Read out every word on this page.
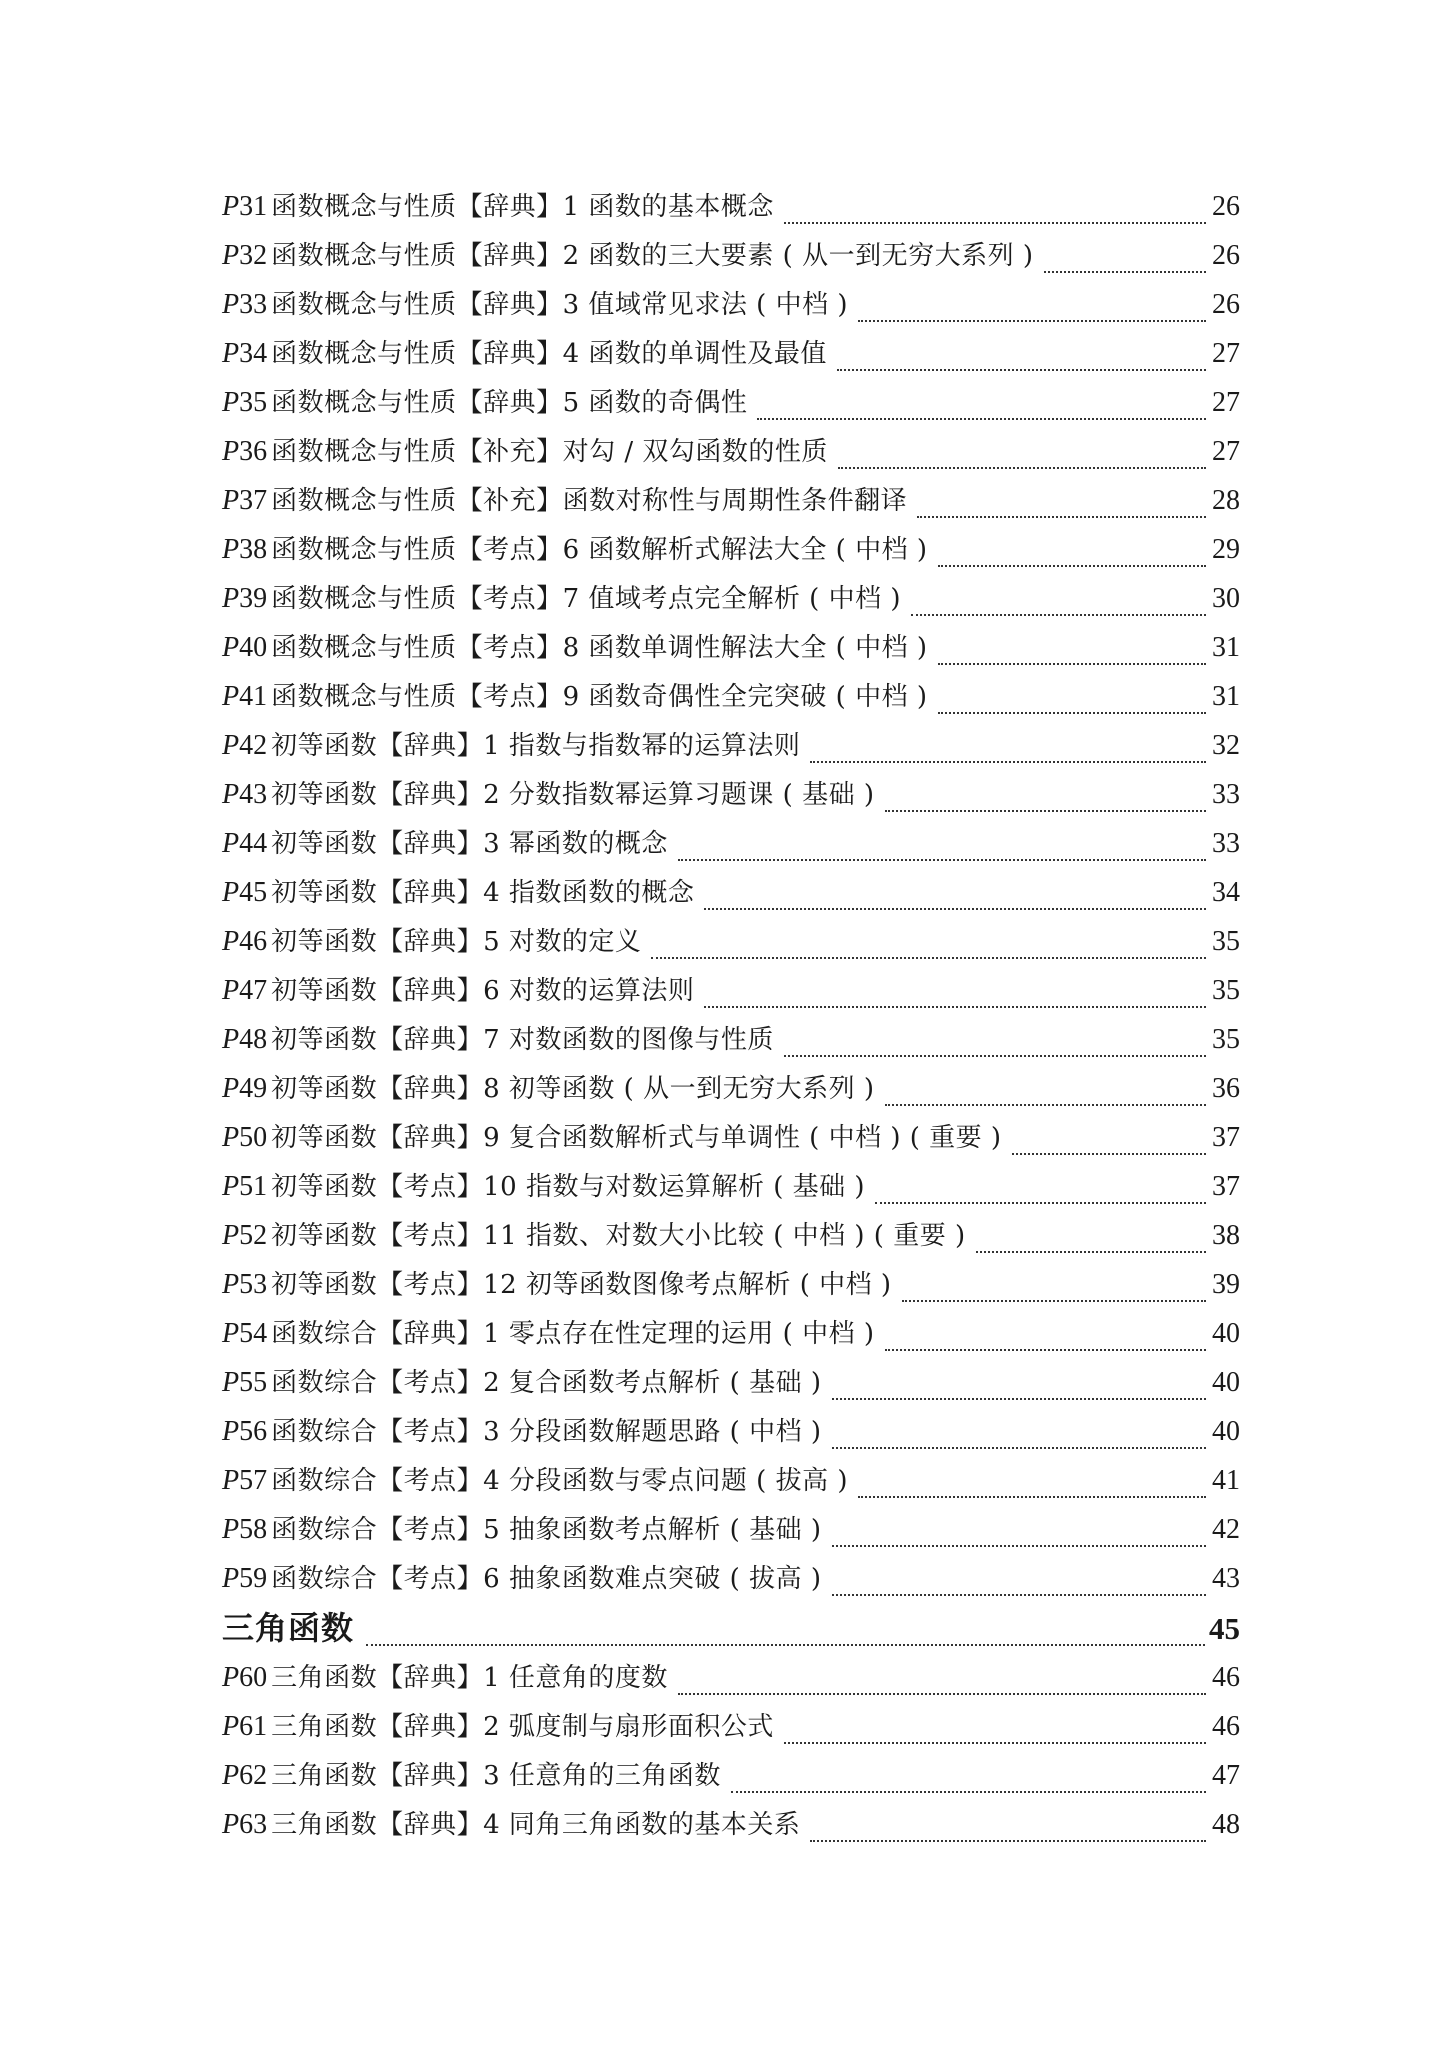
P31 函数概念与性质【辞典】1 函数的基本概念	26
P32 函数概念与性质【辞典】2 函数的三大要素 ( 从一到无穷大系列 )	26
P33 函数概念与性质【辞典】3 值域常见求法 ( 中档 )	26
P34 函数概念与性质【辞典】4 函数的单调性及最值	27
P35 函数概念与性质【辞典】5 函数的奇偶性	27
P36 函数概念与性质【补充】对勾 / 双勾函数的性质	27
P37 函数概念与性质【补充】函数对称性与周期性条件翻译	28
P38 函数概念与性质【考点】6 函数解析式解法大全 ( 中档 )	29
P39 函数概念与性质【考点】7 值域考点完全解析 ( 中档 )	30
P40 函数概念与性质【考点】8 函数单调性解法大全 ( 中档 )	31
P41 函数概念与性质【考点】9 函数奇偶性全完突破 ( 中档 )	31
P42 初等函数【辞典】1 指数与指数幂的运算法则	32
P43 初等函数【辞典】2 分数指数幂运算习题课 ( 基础 )	33
P44 初等函数【辞典】3 幂函数的概念	33
P45 初等函数【辞典】4 指数函数的概念	34
P46 初等函数【辞典】5 对数的定义	35
P47 初等函数【辞典】6 对数的运算法则	35
P48 初等函数【辞典】7 对数函数的图像与性质	35
P49 初等函数【辞典】8 初等函数 ( 从一到无穷大系列 )	36
P50 初等函数【辞典】9 复合函数解析式与单调性 ( 中档 ) ( 重要 )	37
P51 初等函数【考点】10 指数与对数运算解析 ( 基础 )	37
P52 初等函数【考点】11 指数、对数大小比较 ( 中档 ) ( 重要 )	38
P53 初等函数【考点】12 初等函数图像考点解析 ( 中档 )	39
P54 函数综合【辞典】1 零点存在性定理的运用 ( 中档 )	40
P55 函数综合【考点】2 复合函数考点解析 ( 基础 )	40
P56 函数综合【考点】3 分段函数解题思路 ( 中档 )	40
P57 函数综合【考点】4 分段函数与零点问题 ( 拔高 )	41
P58 函数综合【考点】5 抽象函数考点解析 ( 基础 )	42
P59 函数综合【考点】6 抽象函数难点突破 ( 拔高 )	43
三角函数	45
P60 三角函数【辞典】1 任意角的度数	46
P61 三角函数【辞典】2 弧度制与扇形面积公式	46
P62 三角函数【辞典】3 任意角的三角函数	47
P63 三角函数【辞典】4 同角三角函数的基本关系	48
